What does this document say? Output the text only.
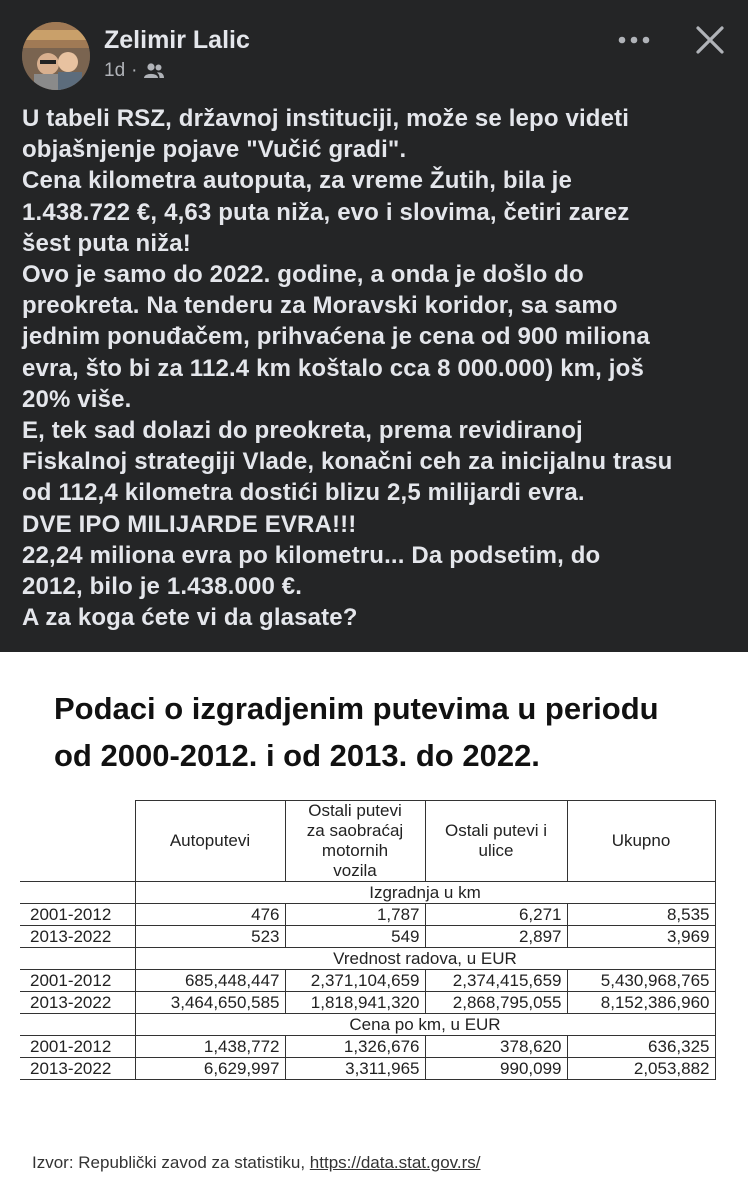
Zelimir Lalic
1d ·

U tabeli RSZ, državnoj instituciji, može se lepo videti

objašnjenje pojave "Vučić gradi".

Cena kilometra autoputa, za vreme Žutih, bila je

1.438.722 €, 4,63 puta niža, evo i slovima, četiri zarez

šest puta niža!

Ovo je samo do 2022. godine, a onda je došlo do

preokreta. Na tenderu za Moravski koridor, sa samo

jednim ponuđačem, prihvaćena je cena od 900 miliona

evra, što bi za 112.4 km koštalo cca 8 000.000) km, još

20% više.

E, tek sad dolazi do preokreta, prema revidiranoj

Fiskalnoj strategiji Vlade, konačni ceh za inicijalnu trasu

od 112,4 kilometra dostići blizu 2,5 milijardi evra.

DVE IPO MILIJARDE EVRA!!!

22,24 miliona evra po kilometru... Da podsetim, do

2012, bilo je 1.438.000 €.

A za koga ćete vi da glasate?

Podaci o izgradjenim putevima u periodu

od 2000-2012. i od 2013. do 2022.

	Autoputevi	Ostali putevi
za saobraćaj
motornih
vozila	Ostali putevi i
ulice	Ukupno
	Izgradnja u km			
2001-2012	476	1,787	6,271	8,535
2013-2022	523	549	2,897	3,969
	Vrednost radova, u EUR			
2001-2012	685,448,447	2,371,104,659	2,374,415,659	5,430,968,765
2013-2022	3,464,650,585	1,818,941,320	2,868,795,055	8,152,386,960
	Cena po km, u EUR			
2001-2012	1,438,772	1,326,676	378,620	636,325
2013-2022	6,629,997	3,311,965	990,099	2,053,882
Izvor: Republički zavod za statistiku, https://data.stat.gov.rs/
